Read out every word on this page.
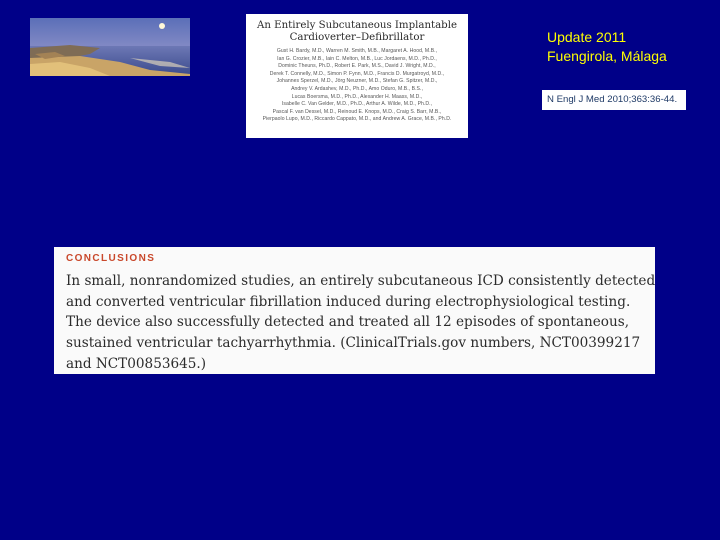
An Entirely Subcutaneous Implantable
Cardioverter–Defibrillator
Gust H. Bardy, M.D., Warren M. Smith, M.B., Margaret A. Hood, M.B.,
Ian G. Crozier, M.B., Iain C. Melton, M.B., Luc Jordaens, M.D., Ph.D.,
Dominic Theuns, Ph.D., Robert E. Park, M.S., David J. Wright, M.D.,
Derek T. Connelly, M.D., Simon P. Fynn, M.D., Francis D. Murgatroyd, M.D.,
Johannes Sperzel, M.D., Jörg Neuzner, M.D., Stefan G. Spitzer, M.D.,
Andrey V. Ardashev, M.D., Ph.D., Amo Oduro, M.B., B.S.,
Lucas Boersma, M.D., Ph.D., Alexander H. Maass, M.D.,
Isabelle C. Van Gelder, M.D., Ph.D., Arthur A. Wilde, M.D., Ph.D.,
Pascal F. van Dessel, M.D., Reinoud E. Knops, M.D., Craig S. Barr, M.B.,
Pierpaolo Lupo, M.D., Riccardo Cappato, M.D., and Andrew A. Grace, M.B., Ph.D.
Update 2011
Fuengirola, Málaga
N Engl J Med 2010;363:36-44.
CONCLUSIONS
In small, nonrandomized studies, an entirely subcutaneous ICD consistently detected
and converted ventricular fibrillation induced during electrophysiological testing.
The device also successfully detected and treated all 12 episodes of spontaneous,
sustained ventricular tachyarrhythmia. (ClinicalTrials.gov numbers, NCT00399217
and NCT00853645.)
